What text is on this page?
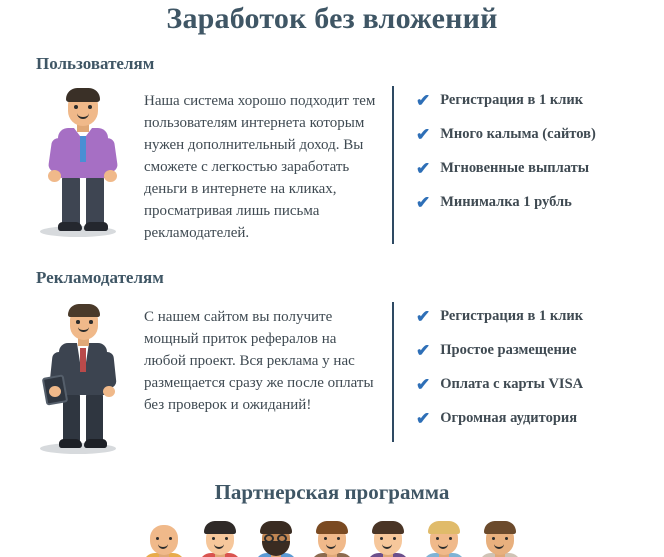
Заработок без вложений
Пользователям
Наша система хорошо подходит тем пользователям интернета которым нужен дополнительный доход. Вы сможете с легкостью заработать деньги в интернете на кликах, просматривая лишь письма рекламодателей.
✔ Регистрация в 1 клик
✔ Много калыма (сайтов)
✔ Мгновенные выплаты
✔ Минималка 1 рубль
Рекламодателям
С нашем сайтом вы получите мощный приток рефералов на любой проект. Вся реклама у нас размещается сразу же после оплаты без проверок и ожиданий!
✔ Регистрация в 1 клик
✔ Простое размещение
✔ Оплата с карты VISA
✔ Огромная аудитория
Партнерская программа
